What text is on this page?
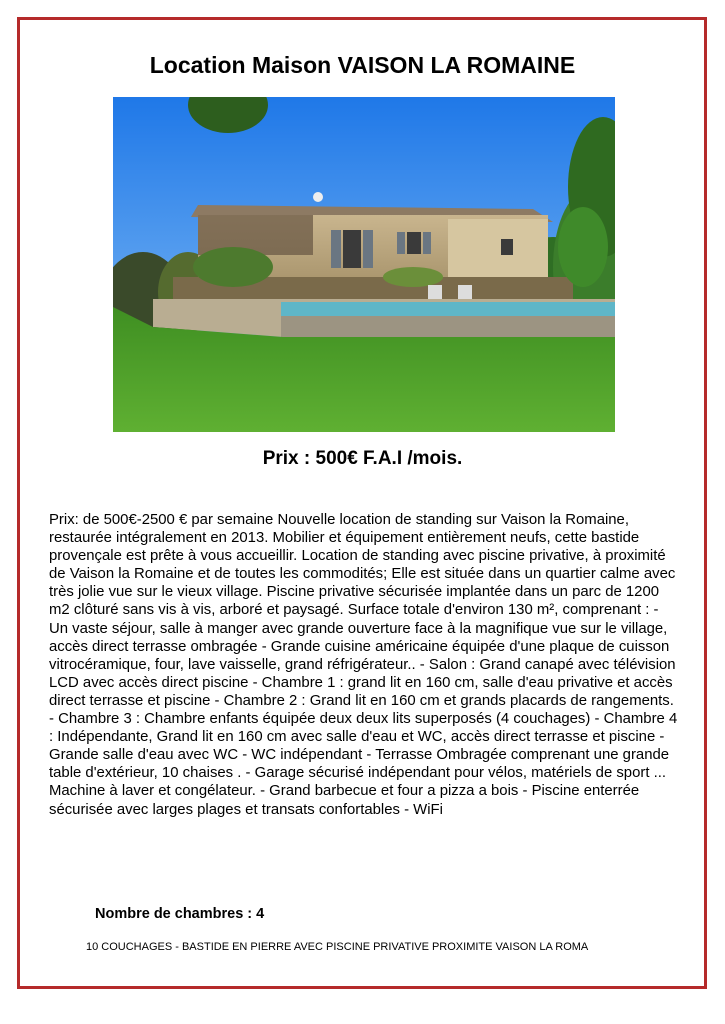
Location Maison VAISON LA ROMAINE
Prix : 500€ F.A.I /mois.
Prix: de 500€-2500 € par semaine Nouvelle location de standing sur Vaison la Romaine, restaurée intégralement en 2013. Mobilier et équipement entièrement neufs, cette bastide provençale est prête à vous accueillir. Location de standing avec piscine privative, à proximité de Vaison la Romaine et de toutes les commodités; Elle est située dans un quartier calme avec très jolie vue sur le vieux village. Piscine privative sécurisée implantée dans un parc de 1200 m2 clôturé sans vis à vis, arboré et paysagé. Surface totale d'environ 130 m², comprenant : - Un vaste séjour, salle à manger avec grande ouverture face à la magnifique vue sur le village, accès direct terrasse ombragée - Grande cuisine américaine équipée d'une plaque de cuisson vitrocéramique, four, lave vaisselle, grand réfrigérateur.. - Salon : Grand canapé avec télévision LCD avec accès direct piscine - Chambre 1 : grand lit en 160 cm, salle d'eau privative et accès direct terrasse et piscine - Chambre 2 : Grand lit en 160 cm et grands placards de rangements. - Chambre 3 : Chambre enfants équipée deux deux lits superposés (4 couchages) - Chambre 4 : Indépendante, Grand lit en 160 cm avec salle d'eau et WC, accès direct terrasse et piscine - Grande salle d'eau avec WC - WC indépendant - Terrasse Ombragée comprenant une grande table d'extérieur, 10 chaises . - Garage sécurisé indépendant pour vélos, matériels de sport ... Machine à laver et congélateur. - Grand barbecue et four a pizza a bois - Piscine enterrée sécurisée avec larges plages et transats confortables - WiFi
Nombre de chambres : 4
10 COUCHAGES - BASTIDE EN PIERRE AVEC PISCINE PRIVATIVE PROXIMITE VAISON LA ROMA
